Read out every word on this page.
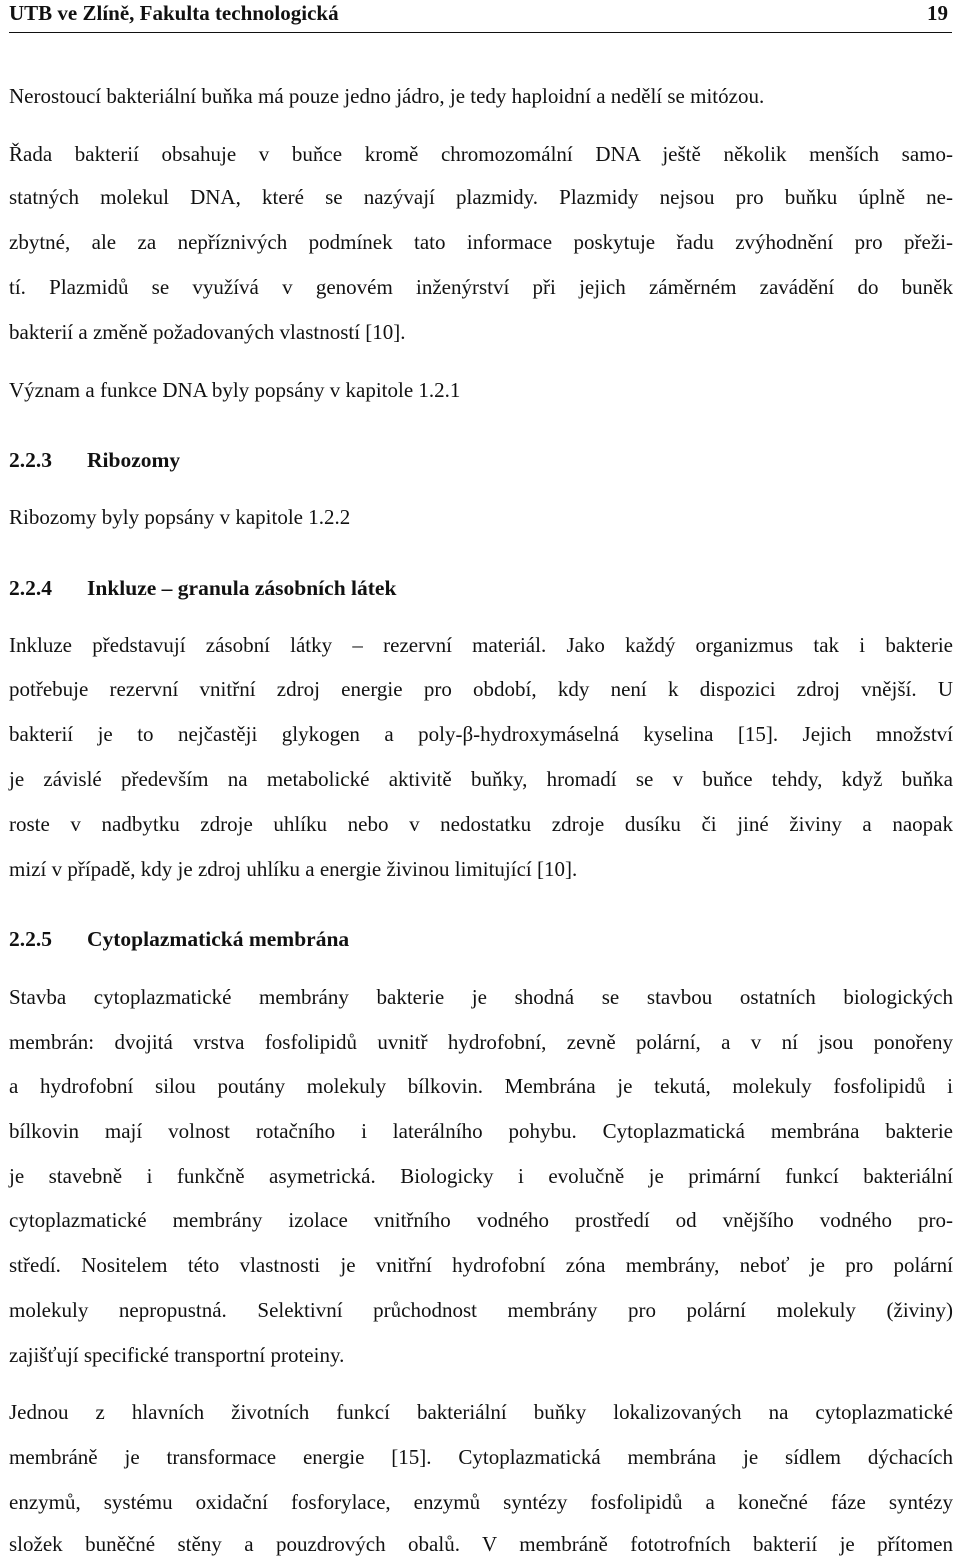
UTB ve Zlíně, Fakulta technologická	19
Nerostoucí bakteriální buňka má pouze jedno jádro, je tedy haploidní a nedělí se mitózou.
Řada bakterií obsahuje v buňce kromě chromozomální DNA ještě několik menších samo-
statných molekul DNA, které se nazývají plazmidy. Plazmidy nejsou pro buňku úplně ne-
zbytné, ale za nepříznivých podmínek tato informace poskytuje řadu zvýhodnění pro přeži-
tí. Plazmidů se využívá v genovém inženýrství při jejich záměrném zavádění do buněk
bakterií a změně požadovaných vlastností [10].
Význam a funkce DNA byly popsány v kapitole 1.2.1
2.2.3 Ribozomy
Ribozomy byly popsány v kapitole 1.2.2
2.2.4 Inkluze – granula zásobních látek
Inkluze představují zásobní látky – rezervní materiál. Jako každý organizmus tak i bakterie
potřebuje rezervní vnitřní zdroj energie pro období, kdy není k dispozici zdroj vnější. U
bakterií je to nejčastěji glykogen a poly-β-hydroxymáselná kyselina [15]. Jejich množství
je závislé především na metabolické aktivitě buňky, hromadí se v buňce tehdy, když buňka
roste v nadbytku zdroje uhlíku nebo v nedostatku zdroje dusíku či jiné živiny a naopak
mizí v případě, kdy je zdroj uhlíku a energie živinou limitující [10].
2.2.5 Cytoplazmatická membrána
Stavba cytoplazmatické membrány bakterie je shodná se stavbou ostatních biologických
membrán: dvojitá vrstva fosfolipidů uvnitř hydrofobní, zevně polární, a v ní jsou ponořeny
a hydrofobní silou poutány molekuly bílkovin. Membrána je tekutá, molekuly fosfolipidů i
bílkovin mají volnost rotačního i laterálního pohybu. Cytoplazmatická membrána bakterie
je stavebně i funkčně asymetrická. Biologicky i evolučně je primární funkcí bakteriální
cytoplazmatické membrány izolace vnitřního vodného prostředí od vnějšího vodného pro-
středí. Nositelem této vlastnosti je vnitřní hydrofobní zóna membrány, neboť je pro polární
molekuly nepropustná. Selektivní průchodnost membrány pro polární molekuly (živiny)
zajišťují specifické transportní proteiny.
Jednou z hlavních životních funkcí bakteriální buňky lokalizovaných na cytoplazmatické
membráně je transformace energie [15]. Cytoplazmatická membrána je sídlem dýchacích
enzymů, systému oxidační fosforylace, enzymů syntézy fosfolipidů a konečné fáze syntézy
složek buněčné stěny a pouzdrových obalů. V membráně fototrofních bakterií je přítomen
